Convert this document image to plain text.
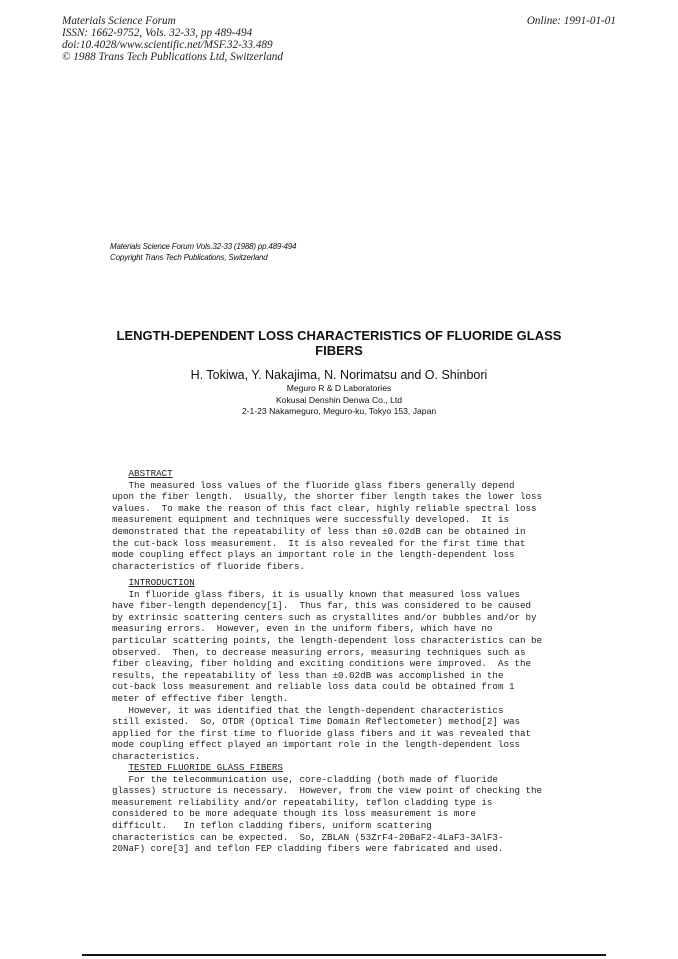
Materials Science Forum
ISSN: 1662-9752, Vols. 32-33, pp 489-494
doi:10.4028/www.scientific.net/MSF.32-33.489
© 1988 Trans Tech Publications Ltd, Switzerland
Online: 1991-01-01
Materials Science Forum Vols.32-33 (1988) pp.489-494
Copyright Trans Tech Publications, Switzerland
LENGTH-DEPENDENT LOSS CHARACTERISTICS OF FLUORIDE GLASS
FIBERS
H. Tokiwa, Y. Nakajima, N. Norimatsu and O. Shinbori
Meguro R & D Laboratories
Kokusai Denshin Denwa Co., Ltd
2-1-23 Nakameguro, Meguro-ku, Tokyo 153, Japan
ABSTRACT
The measured loss values of the fluoride glass fibers generally depend
upon the fiber length.  Usually, the shorter fiber length takes the lower loss
values.  To make the reason of this fact clear, highly reliable spectral loss
measurement equipment and techniques were successfully developed.  It is
demonstrated that the repeatability of less than ±0.02dB can be obtained in
the cut-back loss measurement.  It is also revealed for the first time that
mode coupling effect plays an important role in the length-dependent loss
characteristics of fluoride fibers.
INTRODUCTION
In fluoride glass fibers, it is usually known that measured loss values
have fiber-length dependency[1].  Thus far, this was considered to be caused
by extrinsic scattering centers such as crystallites and/or bubbles and/or by
measuring errors.  However, even in the uniform fibers, which have no
particular scattering points, the length-dependent loss characteristics can be
observed.  Then, to decrease measuring errors, measuring techniques such as
fiber cleaving, fiber holding and exciting conditions were improved.  As the
results, the repeatability of less than ±0.02dB was accomplished in the
cut-back loss measurement and reliable loss data could be obtained from 1
meter of effective fiber length.
However, it was identified that the length-dependent characteristics
still existed.  So, OTDR (Optical Time Domain Reflectometer) method[2] was
applied for the first time to fluoride glass fibers and it was revealed that
mode coupling effect played an important role in the length-dependent loss
characteristics.
TESTED FLUORIDE GLASS FIBERS
For the telecommunication use, core-cladding (both made of fluoride
glasses) structure is necessary.  However, from the view point of checking the
measurement reliability and/or repeatability, teflon cladding type is
considered to be more adequate though its loss measurement is more
difficult.   In teflon cladding fibers, uniform scattering
characteristics can be expected.  So, ZBLAN (53ZrF4-20BaF2-4LaF3-3AlF3-
20NaF) core[3] and teflon FEP cladding fibers were fabricated and used.
